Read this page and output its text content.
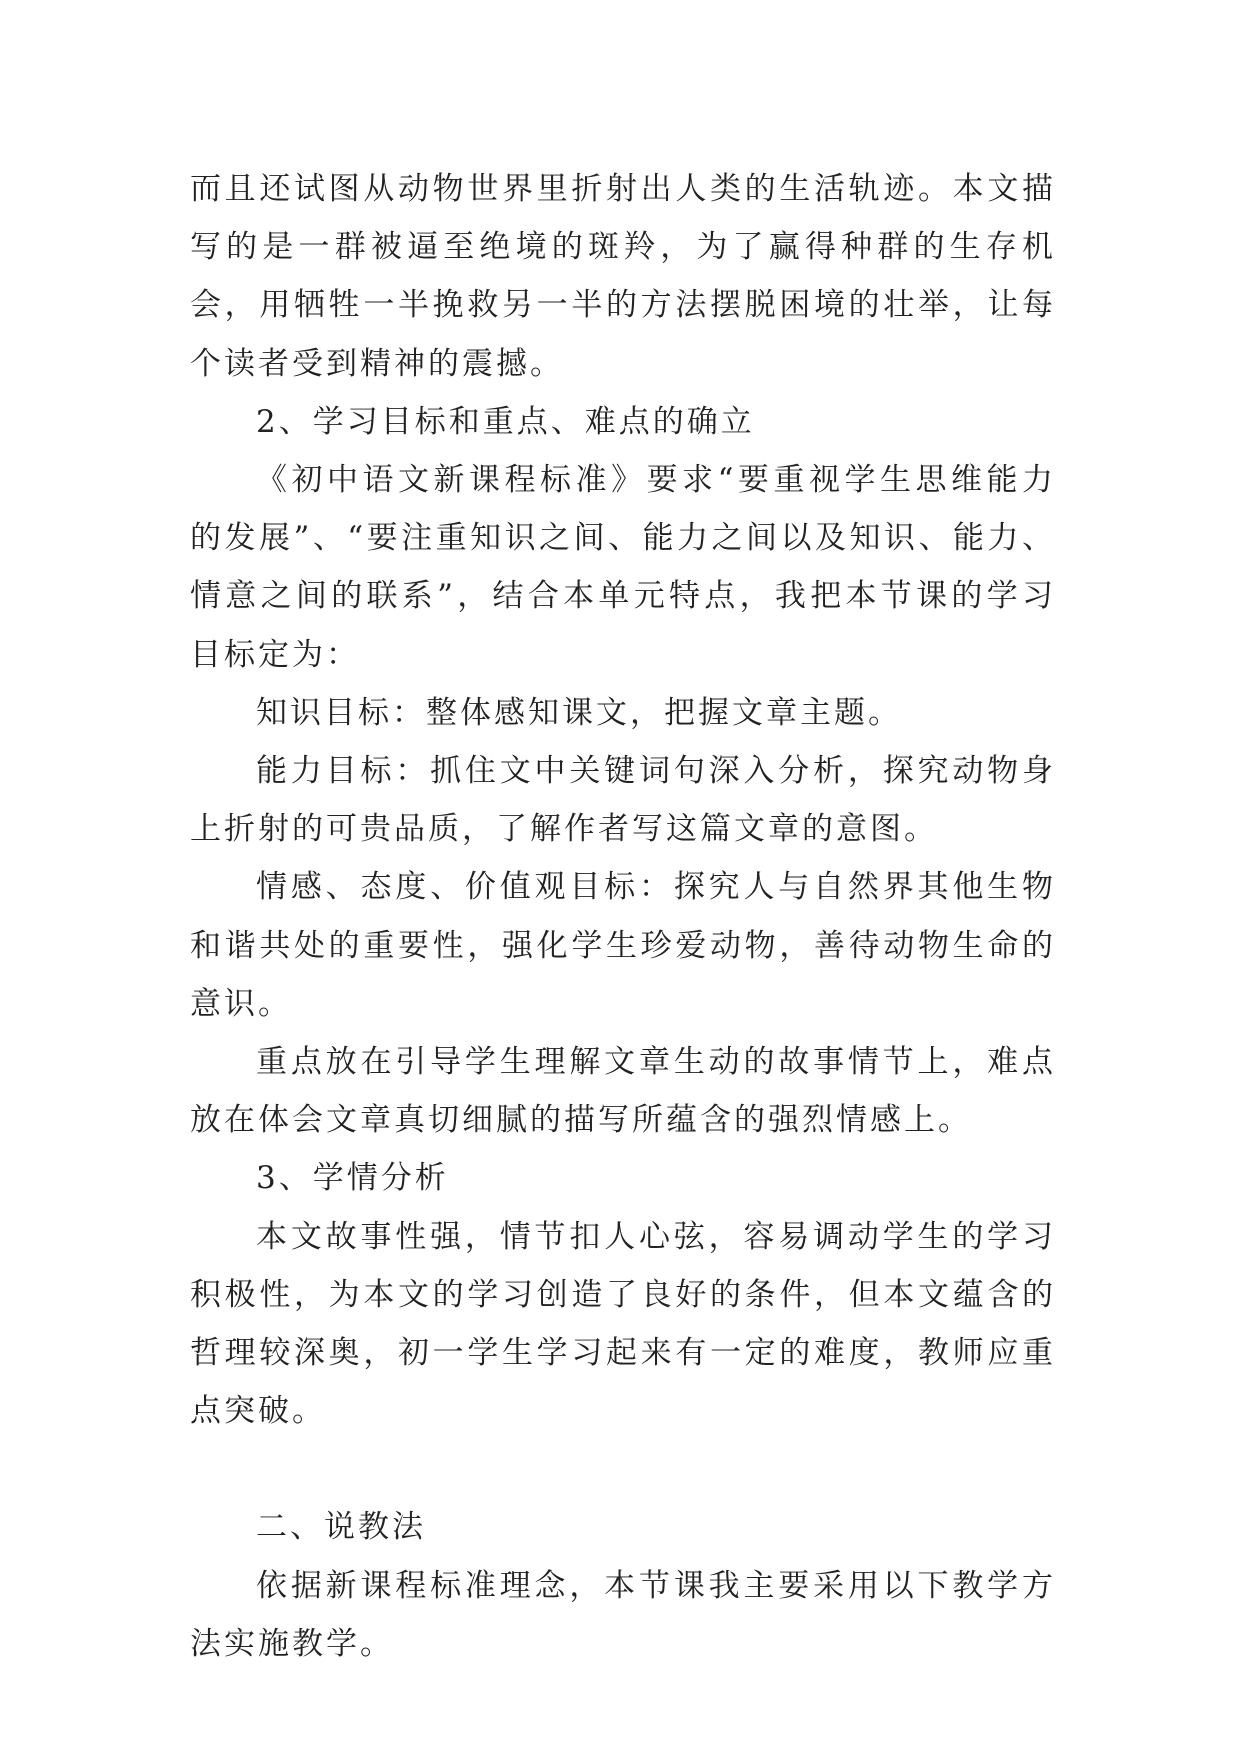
而且还试图从动物世界里折射出人类的生活轨迹。本文描写的是一群被逼至绝境的斑羚，为了赢得种群的生存机会，用牺牲一半挽救另一半的方法摆脱困境的壮举，让每个读者受到精神的震撼。

2、学习目标和重点、难点的确立

《初中语文新课程标准》要求“要重视学生思维能力的发展”、“要注重知识之间、能力之间以及知识、能力、情意之间的联系”，结合本单元特点，我把本节课的学习目标定为：

知识目标：整体感知课文，把握文章主题。

能力目标：抓住文中关键词句深入分析，探究动物身上折射的可贵品质，了解作者写这篇文章的意图。

情感、态度、价值观目标：探究人与自然界其他生物和谐共处的重要性，强化学生珍爱动物，善待动物生命的意识。

重点放在引导学生理解文章生动的故事情节上，难点放在体会文章真切细腻的描写所蕴含的强烈情感上。

3、学情分析

本文故事性强，情节扣人心弦，容易调动学生的学习积极性，为本文的学习创造了良好的条件，但本文蕴含的哲理较深奥，初一学生学习起来有一定的难度，教师应重点突破。

二、说教法

依据新课程标准理念，本节课我主要采用以下教学方法实施教学。
